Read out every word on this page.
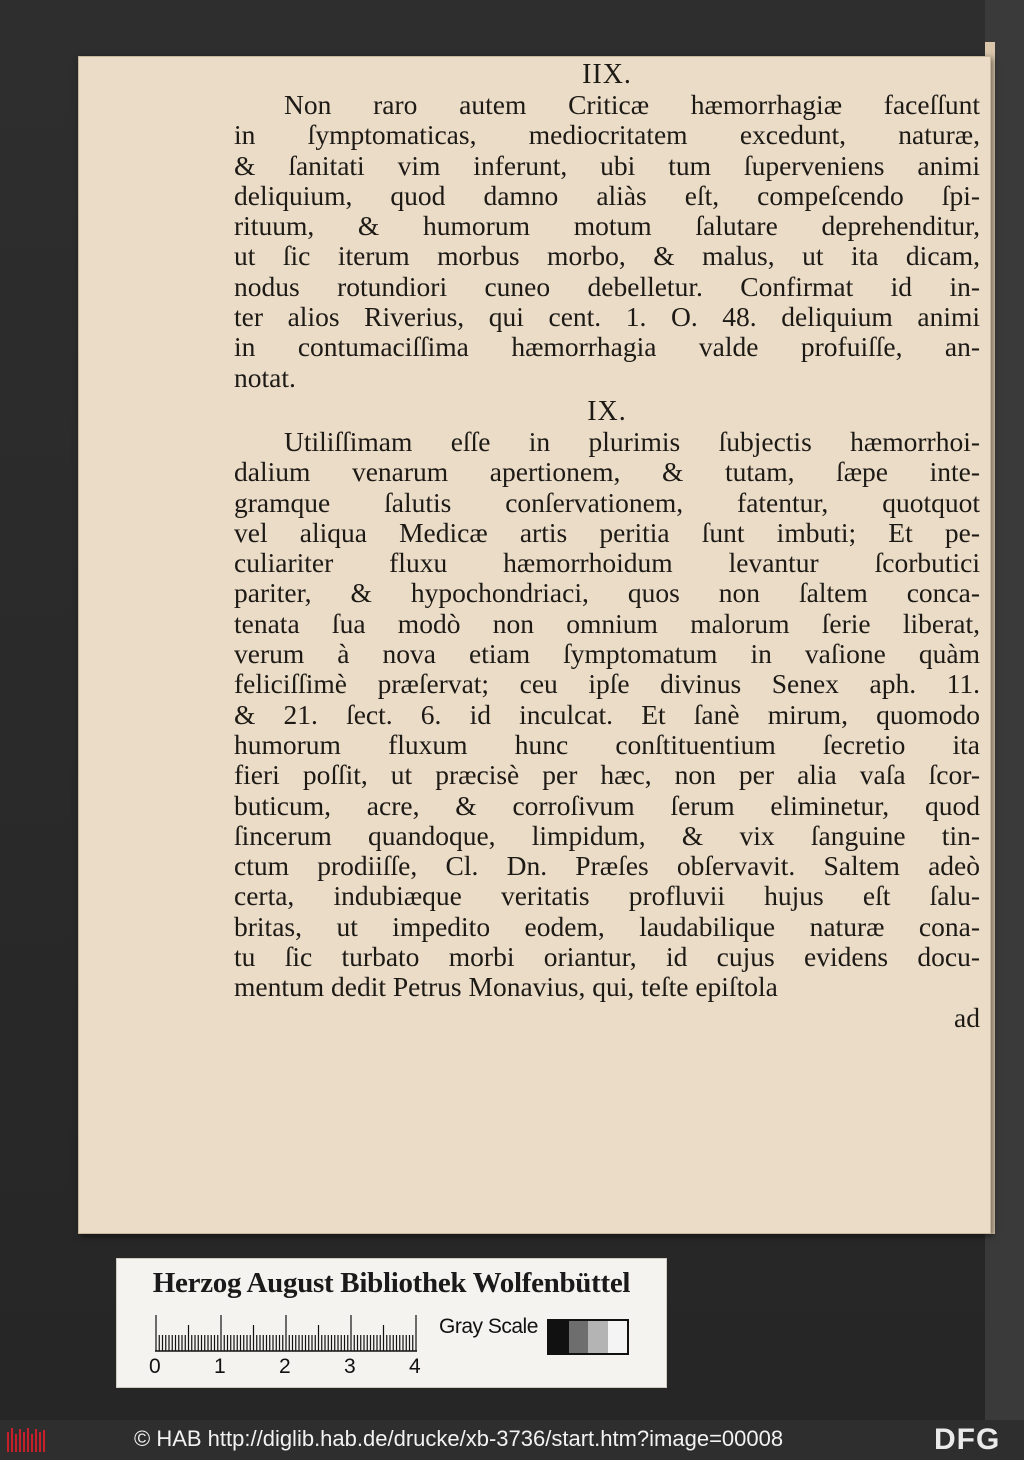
IIX.

Non raro autem Criticæ hæmorrhagiæ faceſſunt

in ſymptomaticas, mediocritatem excedunt, naturæ,

& ſanitati vim inferunt, ubi tum ſuperveniens animi

deliquium, quod damno aliàs eſt, compeſcendo ſpi-

rituum, & humorum motum ſalutare deprehenditur,

ut ſic iterum morbus morbo, & malus, ut ita dicam,

nodus rotundiori cuneo debelletur. Confirmat id in-

ter alios Riverius, qui cent. 1. O. 48. deliquium animi

in contumaciſſima hæmorrhagia valde profuiſſe, an-

notat.

IX.

Utiliſſimam eſſe in plurimis ſubjectis hæmorrhoi-

dalium venarum apertionem, & tutam, ſæpe inte-

gramque ſalutis conſervationem, fatentur, quotquot

vel aliqua Medicæ artis peritia ſunt imbuti; Et pe-

culiariter fluxu hæmorrhoidum levantur ſcorbutici

pariter, & hypochondriaci, quos non ſaltem conca-

tenata ſua modò non omnium malorum ſerie liberat,

verum à nova etiam ſymptomatum in vaſione quàm

feliciſſimè præſervat; ceu ipſe divinus Senex aph. 11.

& 21. ſect. 6. id inculcat. Et ſanè mirum, quomodo

humorum fluxum hunc conſtituentium ſecretio ita

fieri poſſit, ut præcisè per hæc, non per alia vaſa ſcor-

buticum, acre, & corroſivum ſerum eliminetur, quod

ſincerum quandoque, limpidum, & vix ſanguine tin-

ctum prodiiſſe, Cl. Dn. Præſes obſervavit. Saltem adeò

certa, indubiæque veritatis profluvii hujus eſt ſalu-

britas, ut impedito eodem, laudabilique naturæ cona-

tu ſic turbato morbi oriantur, id cujus evidens docu-

mentum dedit Petrus Monavius, qui, teſte epiſtola

ad

Herzog August Bibliothek Wolfenbüttel
0	1	2	3	4
Gray Scale
© HAB http://diglib.hab.de/drucke/xb-3736/start.htm?image=00008	DFG
